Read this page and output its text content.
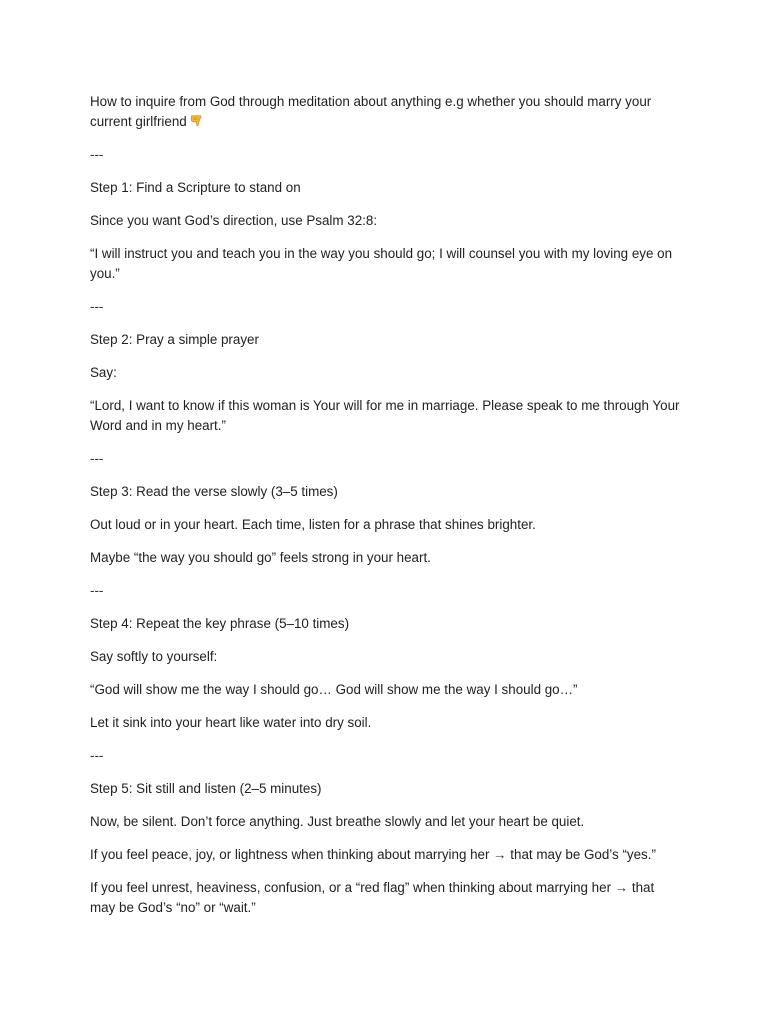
How to inquire from God through meditation about anything e.g whether you should marry your current girlfriend

---

Step 1: Find a Scripture to stand on

Since you want God’s direction, use Psalm 32:8:

“I will instruct you and teach you in the way you should go; I will counsel you with my loving eye on you.”

---

Step 2: Pray a simple prayer

Say:

“Lord, I want to know if this woman is Your will for me in marriage. Please speak to me through Your Word and in my heart.”

---

Step 3: Read the verse slowly (3–5 times)

Out loud or in your heart. Each time, listen for a phrase that shines brighter.

Maybe “the way you should go” feels strong in your heart.

---

Step 4: Repeat the key phrase (5–10 times)

Say softly to yourself:

“God will show me the way I should go… God will show me the way I should go…”

Let it sink into your heart like water into dry soil.

---

Step 5: Sit still and listen (2–5 minutes)

Now, be silent. Don’t force anything. Just breathe slowly and let your heart be quiet.

If you feel peace, joy, or lightness when thinking about marrying her → that may be God’s “yes.”

If you feel unrest, heaviness, confusion, or a “red flag” when thinking about marrying her → that may be God’s “no” or “wait.”
